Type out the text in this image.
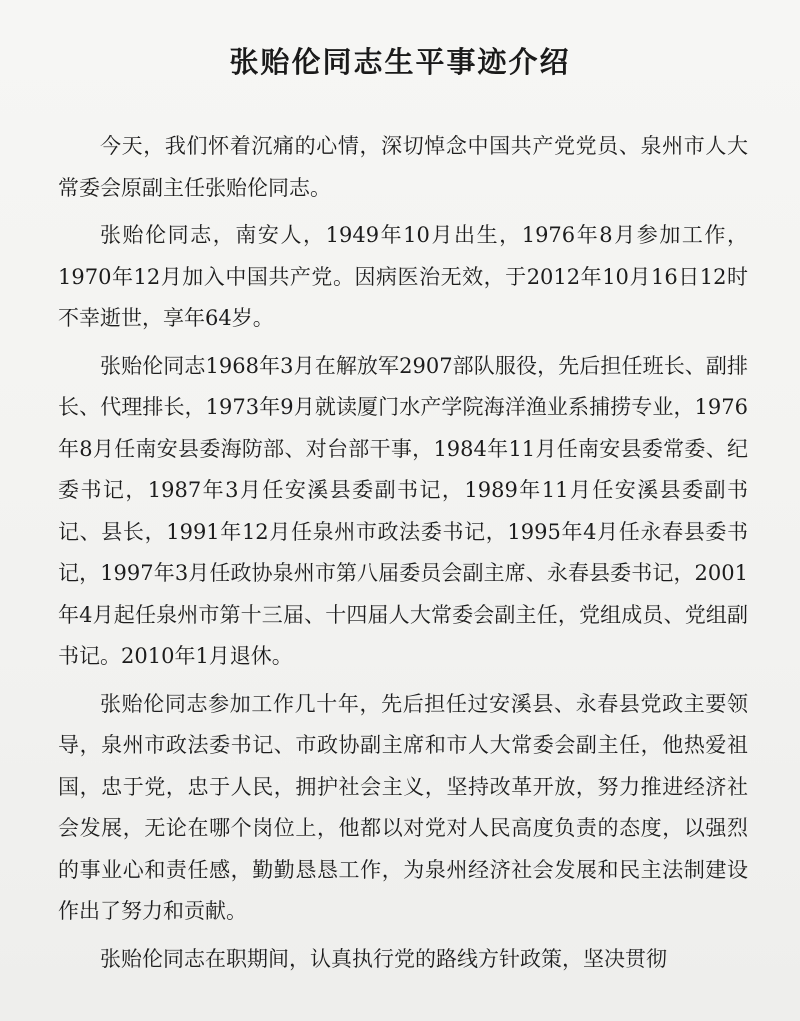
张贻伦同志生平事迹介绍

今天，我们怀着沉痛的心情，深切悼念中国共产党党员、泉州市人大常委会原副主任张贻伦同志。

张贻伦同志，南安人，1949年10月出生，1976年8月参加工作，1970年12月加入中国共产党。因病医治无效，于2012年10月16日12时不幸逝世，享年64岁。

张贻伦同志1968年3月在解放军2907部队服役，先后担任班长、副排长、代理排长，1973年9月就读厦门水产学院海洋渔业系捕捞专业，1976年8月任南安县委海防部、对台部干事，1984年11月任南安县委常委、纪委书记，1987年3月任安溪县委副书记，1989年11月任安溪县委副书记、县长，1991年12月任泉州市政法委书记，1995年4月任永春县委书记，1997年3月任政协泉州市第八届委员会副主席、永春县委书记，2001年4月起任泉州市第十三届、十四届人大常委会副主任，党组成员、党组副书记。2010年1月退休。

张贻伦同志参加工作几十年，先后担任过安溪县、永春县党政主要领导，泉州市政法委书记、市政协副主席和市人大常委会副主任，他热爱祖国，忠于党，忠于人民，拥护社会主义，坚持改革开放，努力推进经济社会发展，无论在哪个岗位上，他都以对党对人民高度负责的态度，以强烈的事业心和责任感，勤勤恳恳工作，为泉州经济社会发展和民主法制建设作出了努力和贡献。

张贻伦同志在职期间，认真执行党的路线方针政策，坚决贯彻
